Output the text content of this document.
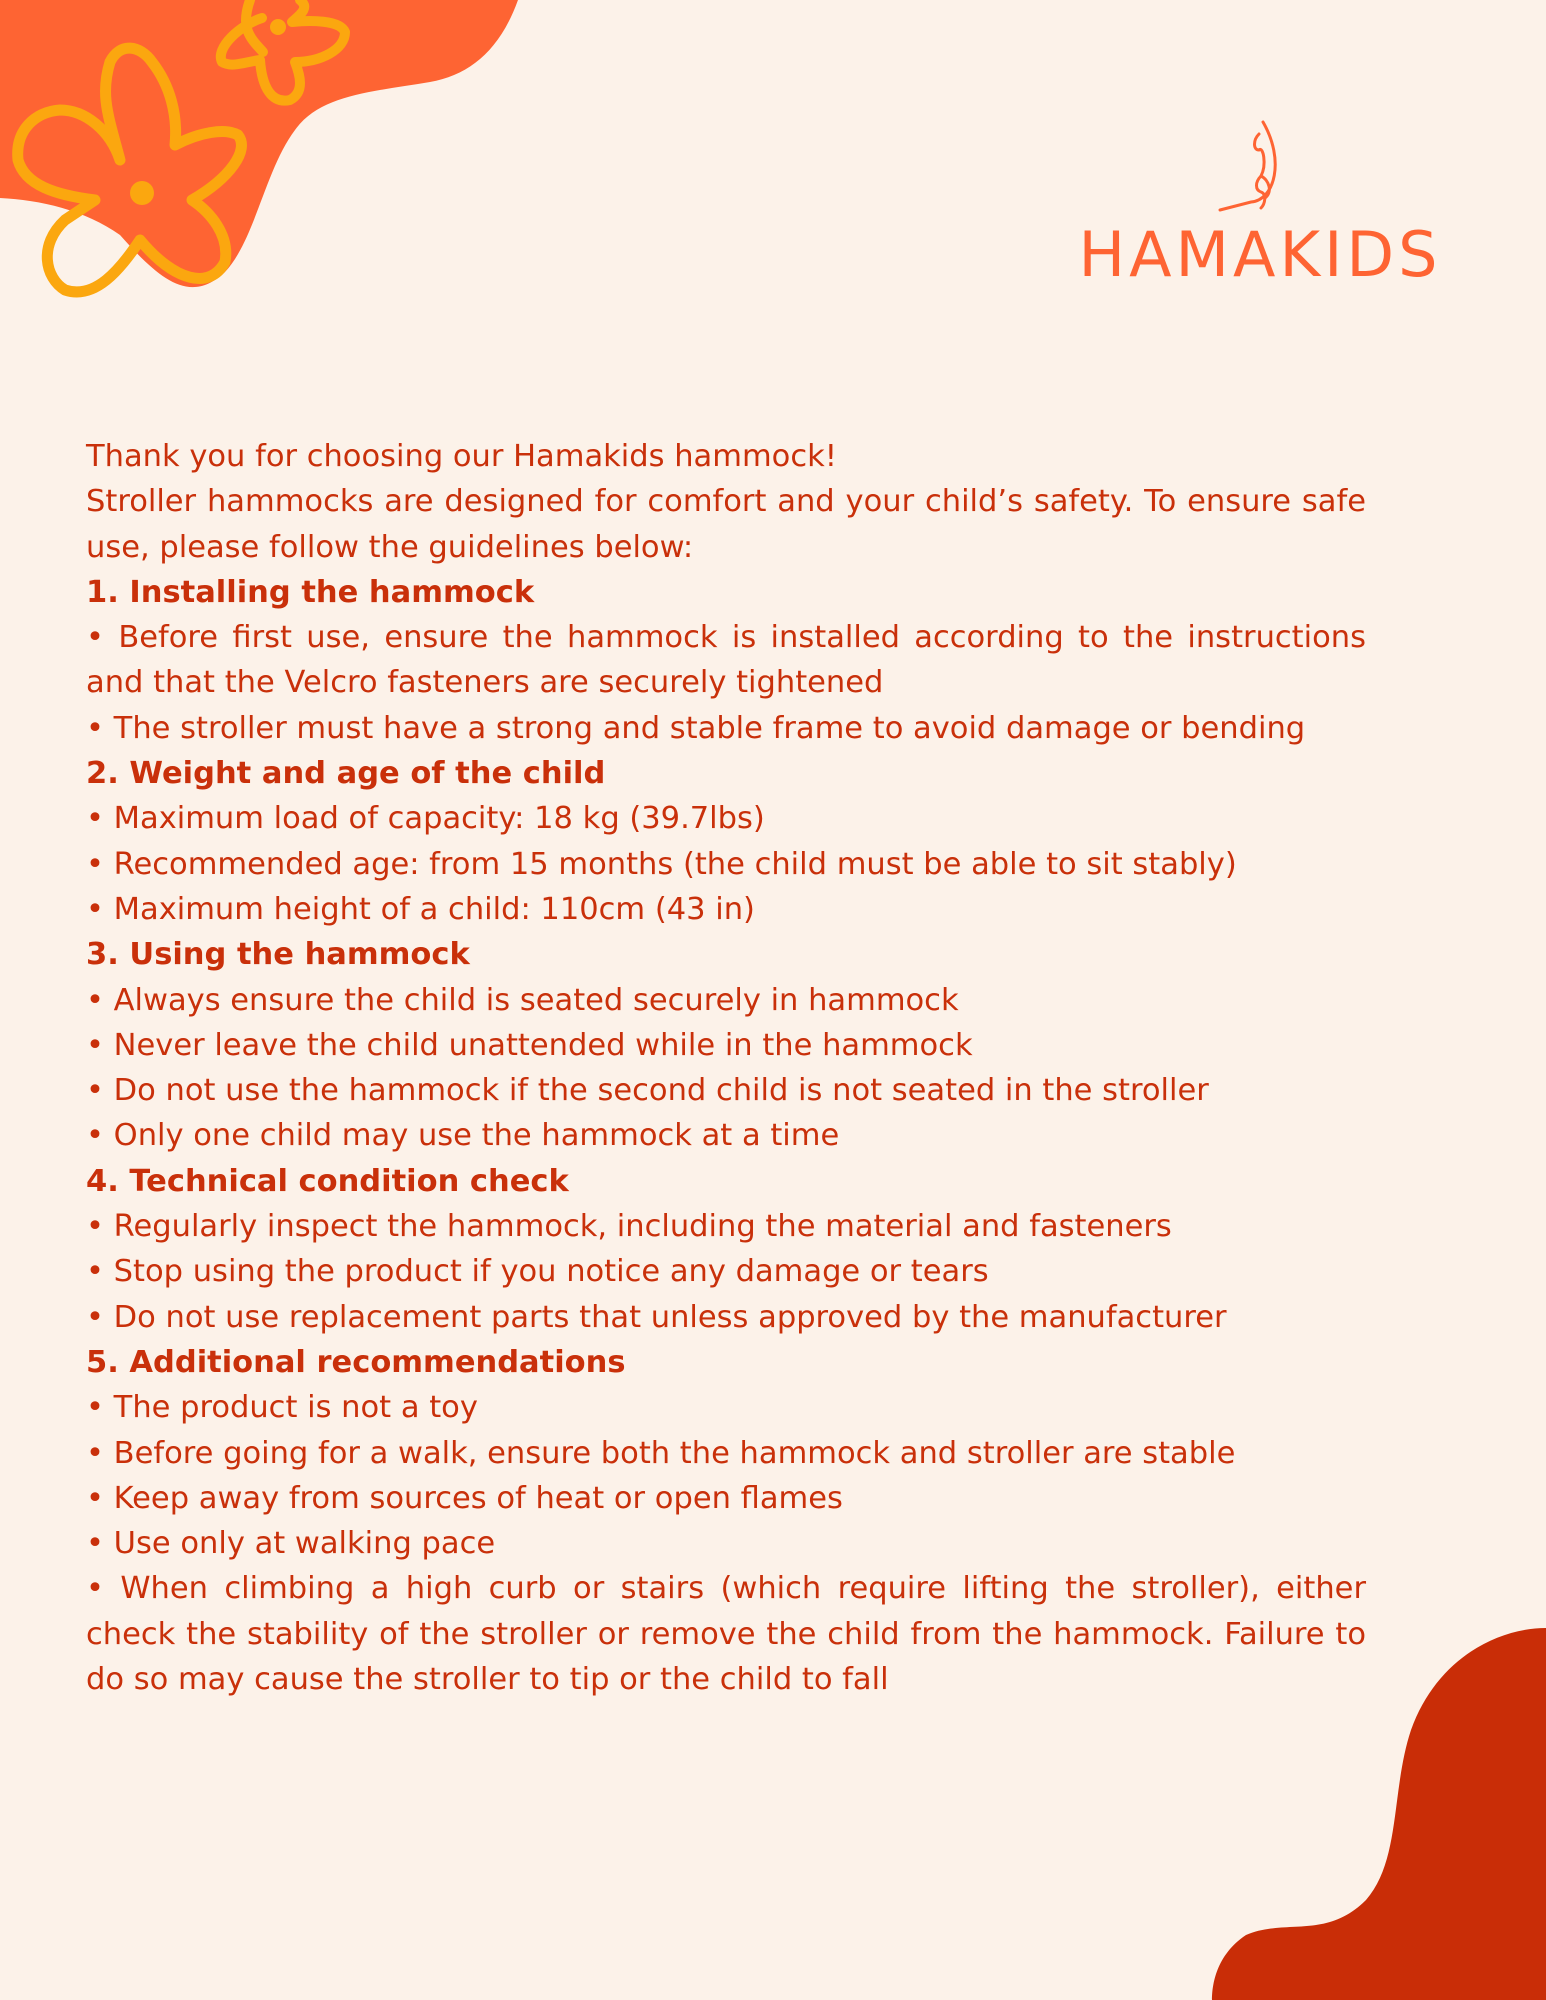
HAMAKIDS
Thank you for choosing our Hamakids hammock!
Stroller hammocks are designed for comfort and your child’s safety. To ensure safe use, please follow the guidelines below:
1. Installing the hammock
• Before first use, ensure the hammock is installed according to the instructions and that the Velcro fasteners are securely tightened
• The stroller must have a strong and stable frame to avoid damage or bending
2. Weight and age of the child
• Maximum load of capacity: 18 kg (39.7lbs)
• Recommended age: from 15 months (the child must be able to sit stably)
• Maximum height of a child: 110cm (43 in)
3. Using the hammock
• Always ensure the child is seated securely in hammock
• Never leave the child unattended while in the hammock
• Do not use the hammock if the second child is not seated in the stroller
• Only one child may use the hammock at a time
4. Technical condition check
• Regularly inspect the hammock, including the material and fasteners
• Stop using the product if you notice any damage or tears
• Do not use replacement parts that unless approved by the manufacturer
5. Additional recommendations
• The product is not a toy
• Before going for a walk, ensure both the hammock and stroller are stable
• Keep away from sources of heat or open flames
• Use only at walking pace
• When climbing a high curb or stairs (which require lifting the stroller), either check the stability of the stroller or remove the child from the hammock. Failure to do so may cause the stroller to tip or the child to fall
